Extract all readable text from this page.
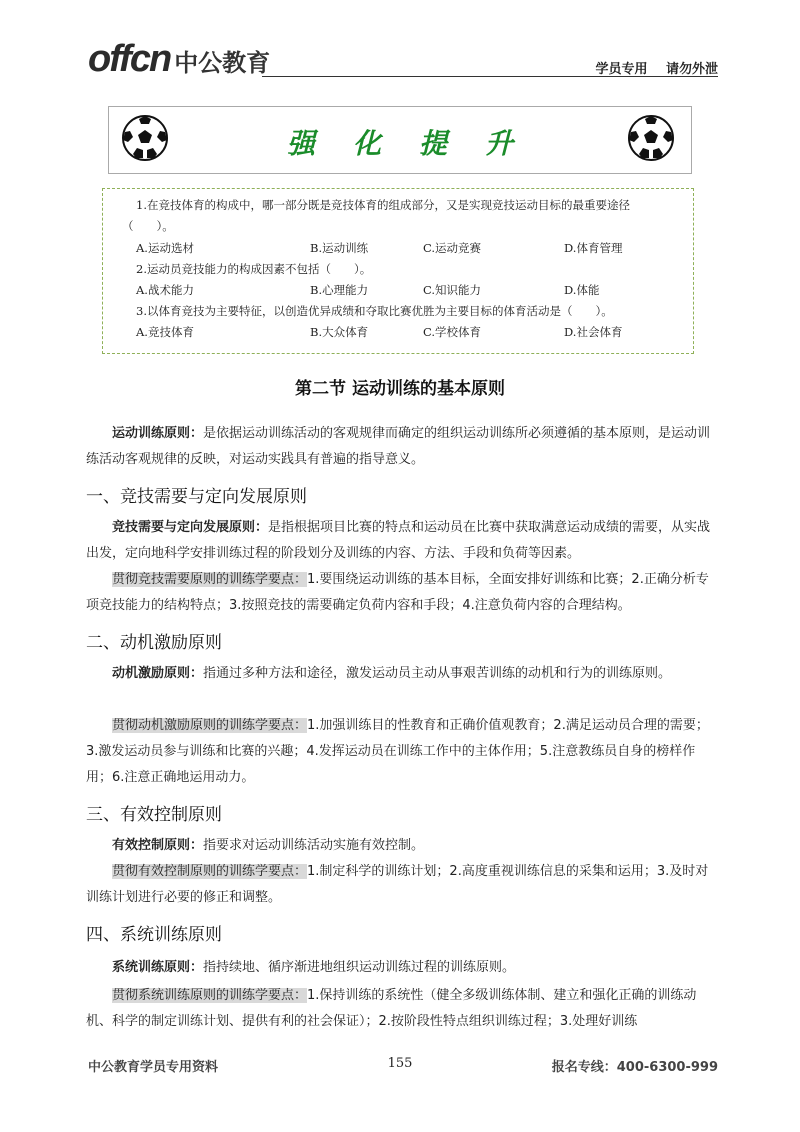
offcn 中公教育	学员专用 请勿外泄
强化提升
1.在竞技体育的构成中，哪一部分既是竞技体育的组成部分，又是实现竞技运动目标的最重要途径
（　　）。
A.运动选材	B.运动训练	C.运动竞赛	D.体育管理
2.运动员竞技能力的构成因素不包括（　　）。
A.战术能力	B.心理能力	C.知识能力	D.体能
3.以体育竞技为主要特征，以创造优异成绩和夺取比赛优胜为主要目标的体育活动是（　　）。
A.竞技体育	B.大众体育	C.学校体育	D.社会体育
第二节 运动训练的基本原则
运动训练原则：是依据运动训练活动的客观规律而确定的组织运动训练所必须遵循的基本原则，是运动训练活动客观规律的反映，对运动实践具有普遍的指导意义。
一、竞技需要与定向发展原则
竞技需要与定向发展原则：是指根据项目比赛的特点和运动员在比赛中获取满意运动成绩的需要，从实战出发，定向地科学安排训练过程的阶段划分及训练的内容、方法、手段和负荷等因素。
贯彻竞技需要原则的训练学要点：1.要围绕运动训练的基本目标，全面安排好训练和比赛；2.正确分析专项竞技能力的结构特点；3.按照竞技的需要确定负荷内容和手段；4.注意负荷内容的合理结构。
二、动机激励原则
动机激励原则：指通过多种方法和途径，激发运动员主动从事艰苦训练的动机和行为的训练原则。
贯彻动机激励原则的训练学要点：1.加强训练目的性教育和正确价值观教育；2.满足运动员合理的需要；3.激发运动员参与训练和比赛的兴趣；4.发挥运动员在训练工作中的主体作用；5.注意教练员自身的榜样作用；6.注意正确地运用动力。
三、有效控制原则
有效控制原则：指要求对运动训练活动实施有效控制。
贯彻有效控制原则的训练学要点：1.制定科学的训练计划；2.高度重视训练信息的采集和运用；3.及时对训练计划进行必要的修正和调整。
四、系统训练原则
系统训练原则：指持续地、循序渐进地组织运动训练过程的训练原则。
贯彻系统训练原则的训练学要点：1.保持训练的系统性（健全多级训练体制、建立和强化正确的训练动机、科学的制定训练计划、提供有利的社会保证）；2.按阶段性特点组织训练过程；3.处理好训练
中公教育学员专用资料	155	报名专线：400-6300-999
